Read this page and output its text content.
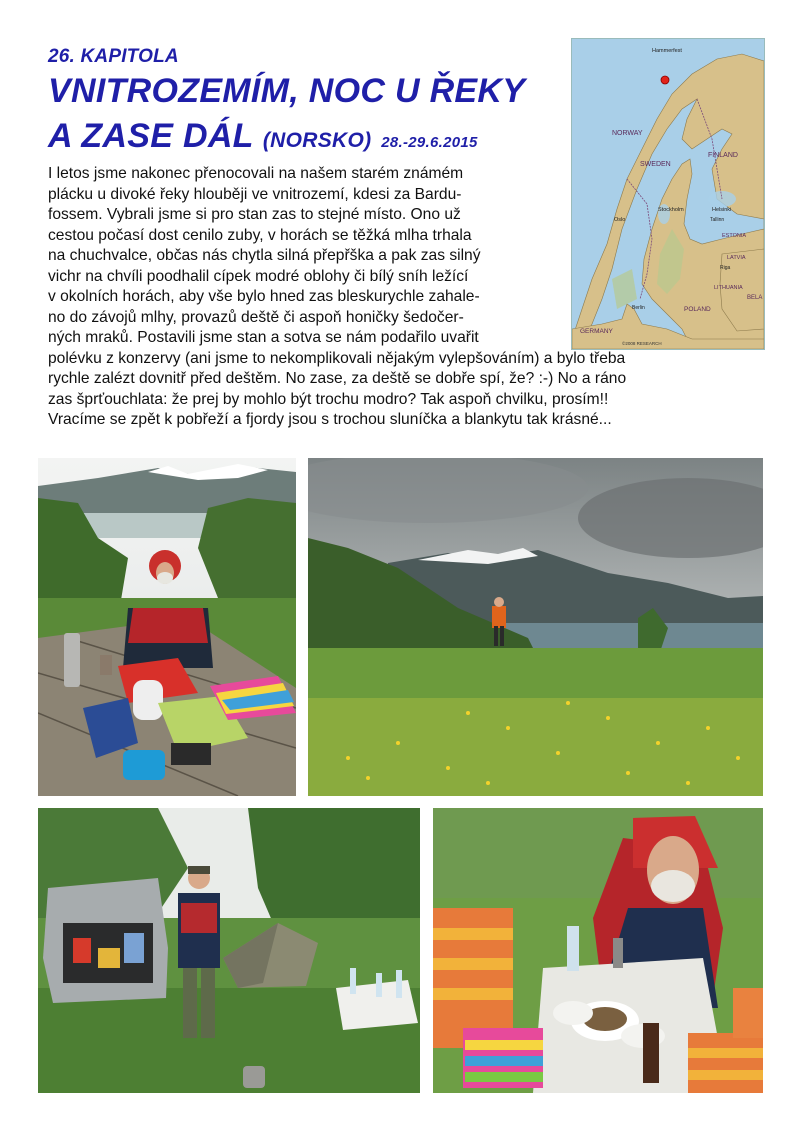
26. KAPITOLA
VNITROZEMÍM, NOC U ŘEKY
A ZASE DÁL (NORSKO) 28.-29.6.2015
I letos jsme nakonec přenocovali na našem starém známém
plácku u divoké řeky hlouběji ve vnitrozemí, kdesi za Bardu-
fossem. Vybrali jsme si pro stan zas to stejné místo. Ono už
cestou počasí dost cenilo zuby, v horách se těžká mlha trhala
na chuchvalce, občas nás chytla silná přepřška a pak zas silný
vichr na chvíli poodhalil cípek modré oblohy či bílý sníh ležící
v okolních horách, aby vše bylo hned zas bleskurychle zahale-
no do závojů mlhy, provazů deště či aspoň honičky šedočer-
ných mraků. Postavili jsme stan a sotva se nám podařilo uvařit
polévku z konzervy (ani jsme to nekomplikovali nějakým vylepšováním) a bylo třeba
rychle zalézt dovnitř před deštěm. No zase, za deště se dobře spí, že? :-) No a ráno
zas šprťouchlata: že prej by mohlo být trochu modro? Tak aspoň chvilku, prosím!!
Vracíme se zpět k pobřeží a fjordy jsou s trochou sluníčka a blankytu tak krásné...
Hammerfest
NORWAY
SWEDEN
FINLAND
Stockholm	Helsinki
Tallinn
ESTONIA
Oslo
LATVIA
Riga
LITHUANIA
BELA
POLAND
Berlin
GERMANY
©2008 RESEARCH
